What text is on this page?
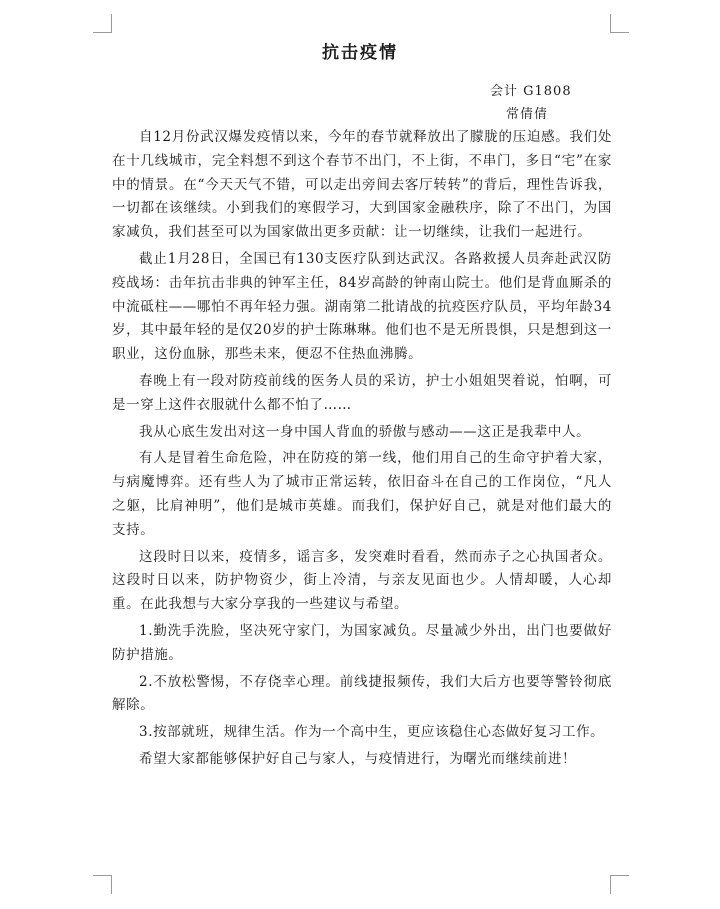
抗击疫情
会计 G1808
常倩倩

自12月份武汉爆发疫情以来，今年的春节就释放出了朦胧的压迫感。我们处在十几线城市，完全料想不到这个春节不出门，不上街，不串门，多日“宅”在家中的情景。在“今天天气不错，可以走出旁间去客厅转转”的背后，理性告诉我，一切都在该继续。小到我们的寒假学习，大到国家金融秩序，除了不出门，为国家减负，我们甚至可以为国家做出更多贡献：让一切继续，让我们一起进行。

截止1月28日，全国已有130支医疗队到达武汉。各路救援人员奔赴武汉防疫战场：击年抗击非典的钟军主任，84岁高龄的钟南山院士。他们是背血厮杀的中流砥柱——哪怕不再年轻力强。湖南第二批请战的抗疫医疗队员，平均年龄34岁，其中最年轻的是仅20岁的护士陈琳琳。他们也不是无所畏惧，只是想到这一职业，这份血脉，那些未来，便忍不住热血沸腾。

春晚上有一段对防疫前线的医务人员的采访，护士小姐姐哭着说，怕啊，可是一穿上这件衣服就什么都不怕了……

我从心底生发出对这一身中国人背血的骄傲与感动——这正是我辈中人。

有人是冒着生命危险，冲在防疫的第一线，他们用自己的生命守护着大家，与病魔博弈。还有些人为了城市正常运转，依旧奋斗在自己的工作岗位，“凡人之躯，比肩神明”，他们是城市英雄。而我们，保护好自己，就是对他们最大的支持。

这段时日以来，疫情多，谣言多，发突难时看看，然而赤子之心执国者众。这段时日以来，防护物资少，街上冷清，与亲友见面也少。人情却暖，人心却重。在此我想与大家分享我的一些建议与希望。

1.勤洗手洗脸，坚决死守家门，为国家减负。尽量减少外出，出门也要做好防护措施。

2.不放松警惕，不存侥幸心理。前线捷报频传，我们大后方也要等警铃彻底解除。

3.按部就班，规律生活。作为一个高中生，更应该稳住心态做好复习工作。

希望大家都能够保护好自己与家人，与疫情进行，为曙光而继续前进！
